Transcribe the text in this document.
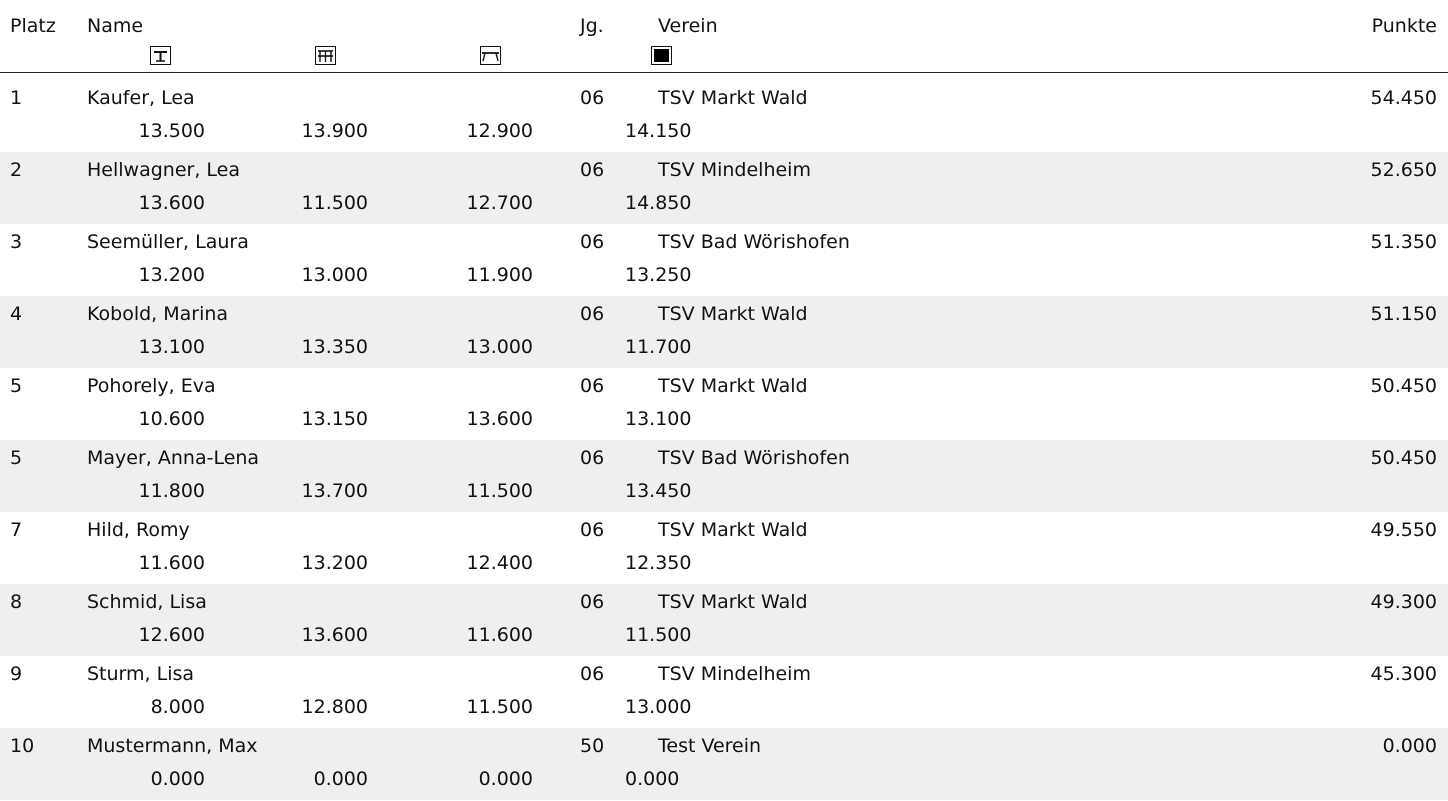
Platz Name	Jg.	Verein	Punkte
1	Kaufer, Lea	06	TSV Markt Wald	54.450
13.500	13.900	12.900	14.150
2	Hellwagner, Lea	06	TSV Mindelheim	52.650
13.600	11.500	12.700	14.850
3	Seemüller, Laura	06	TSV Bad Wörishofen	51.350
13.200	13.000	11.900	13.250
4	Kobold, Marina	06	TSV Markt Wald	51.150
13.100	13.350	13.000	11.700
5	Pohorely, Eva	06	TSV Markt Wald	50.450
10.600	13.150	13.600	13.100
5	Mayer, Anna-Lena	06	TSV Bad Wörishofen	50.450
11.800	13.700	11.500	13.450
7	Hild, Romy	06	TSV Markt Wald	49.550
11.600	13.200	12.400	12.350
8	Schmid, Lisa	06	TSV Markt Wald	49.300
12.600	13.600	11.600	11.500
9	Sturm, Lisa	06	TSV Mindelheim	45.300
8.000	12.800	11.500	13.000
10	Mustermann, Max	50	Test Verein	0.000
0.000	0.000	0.000	0.000
